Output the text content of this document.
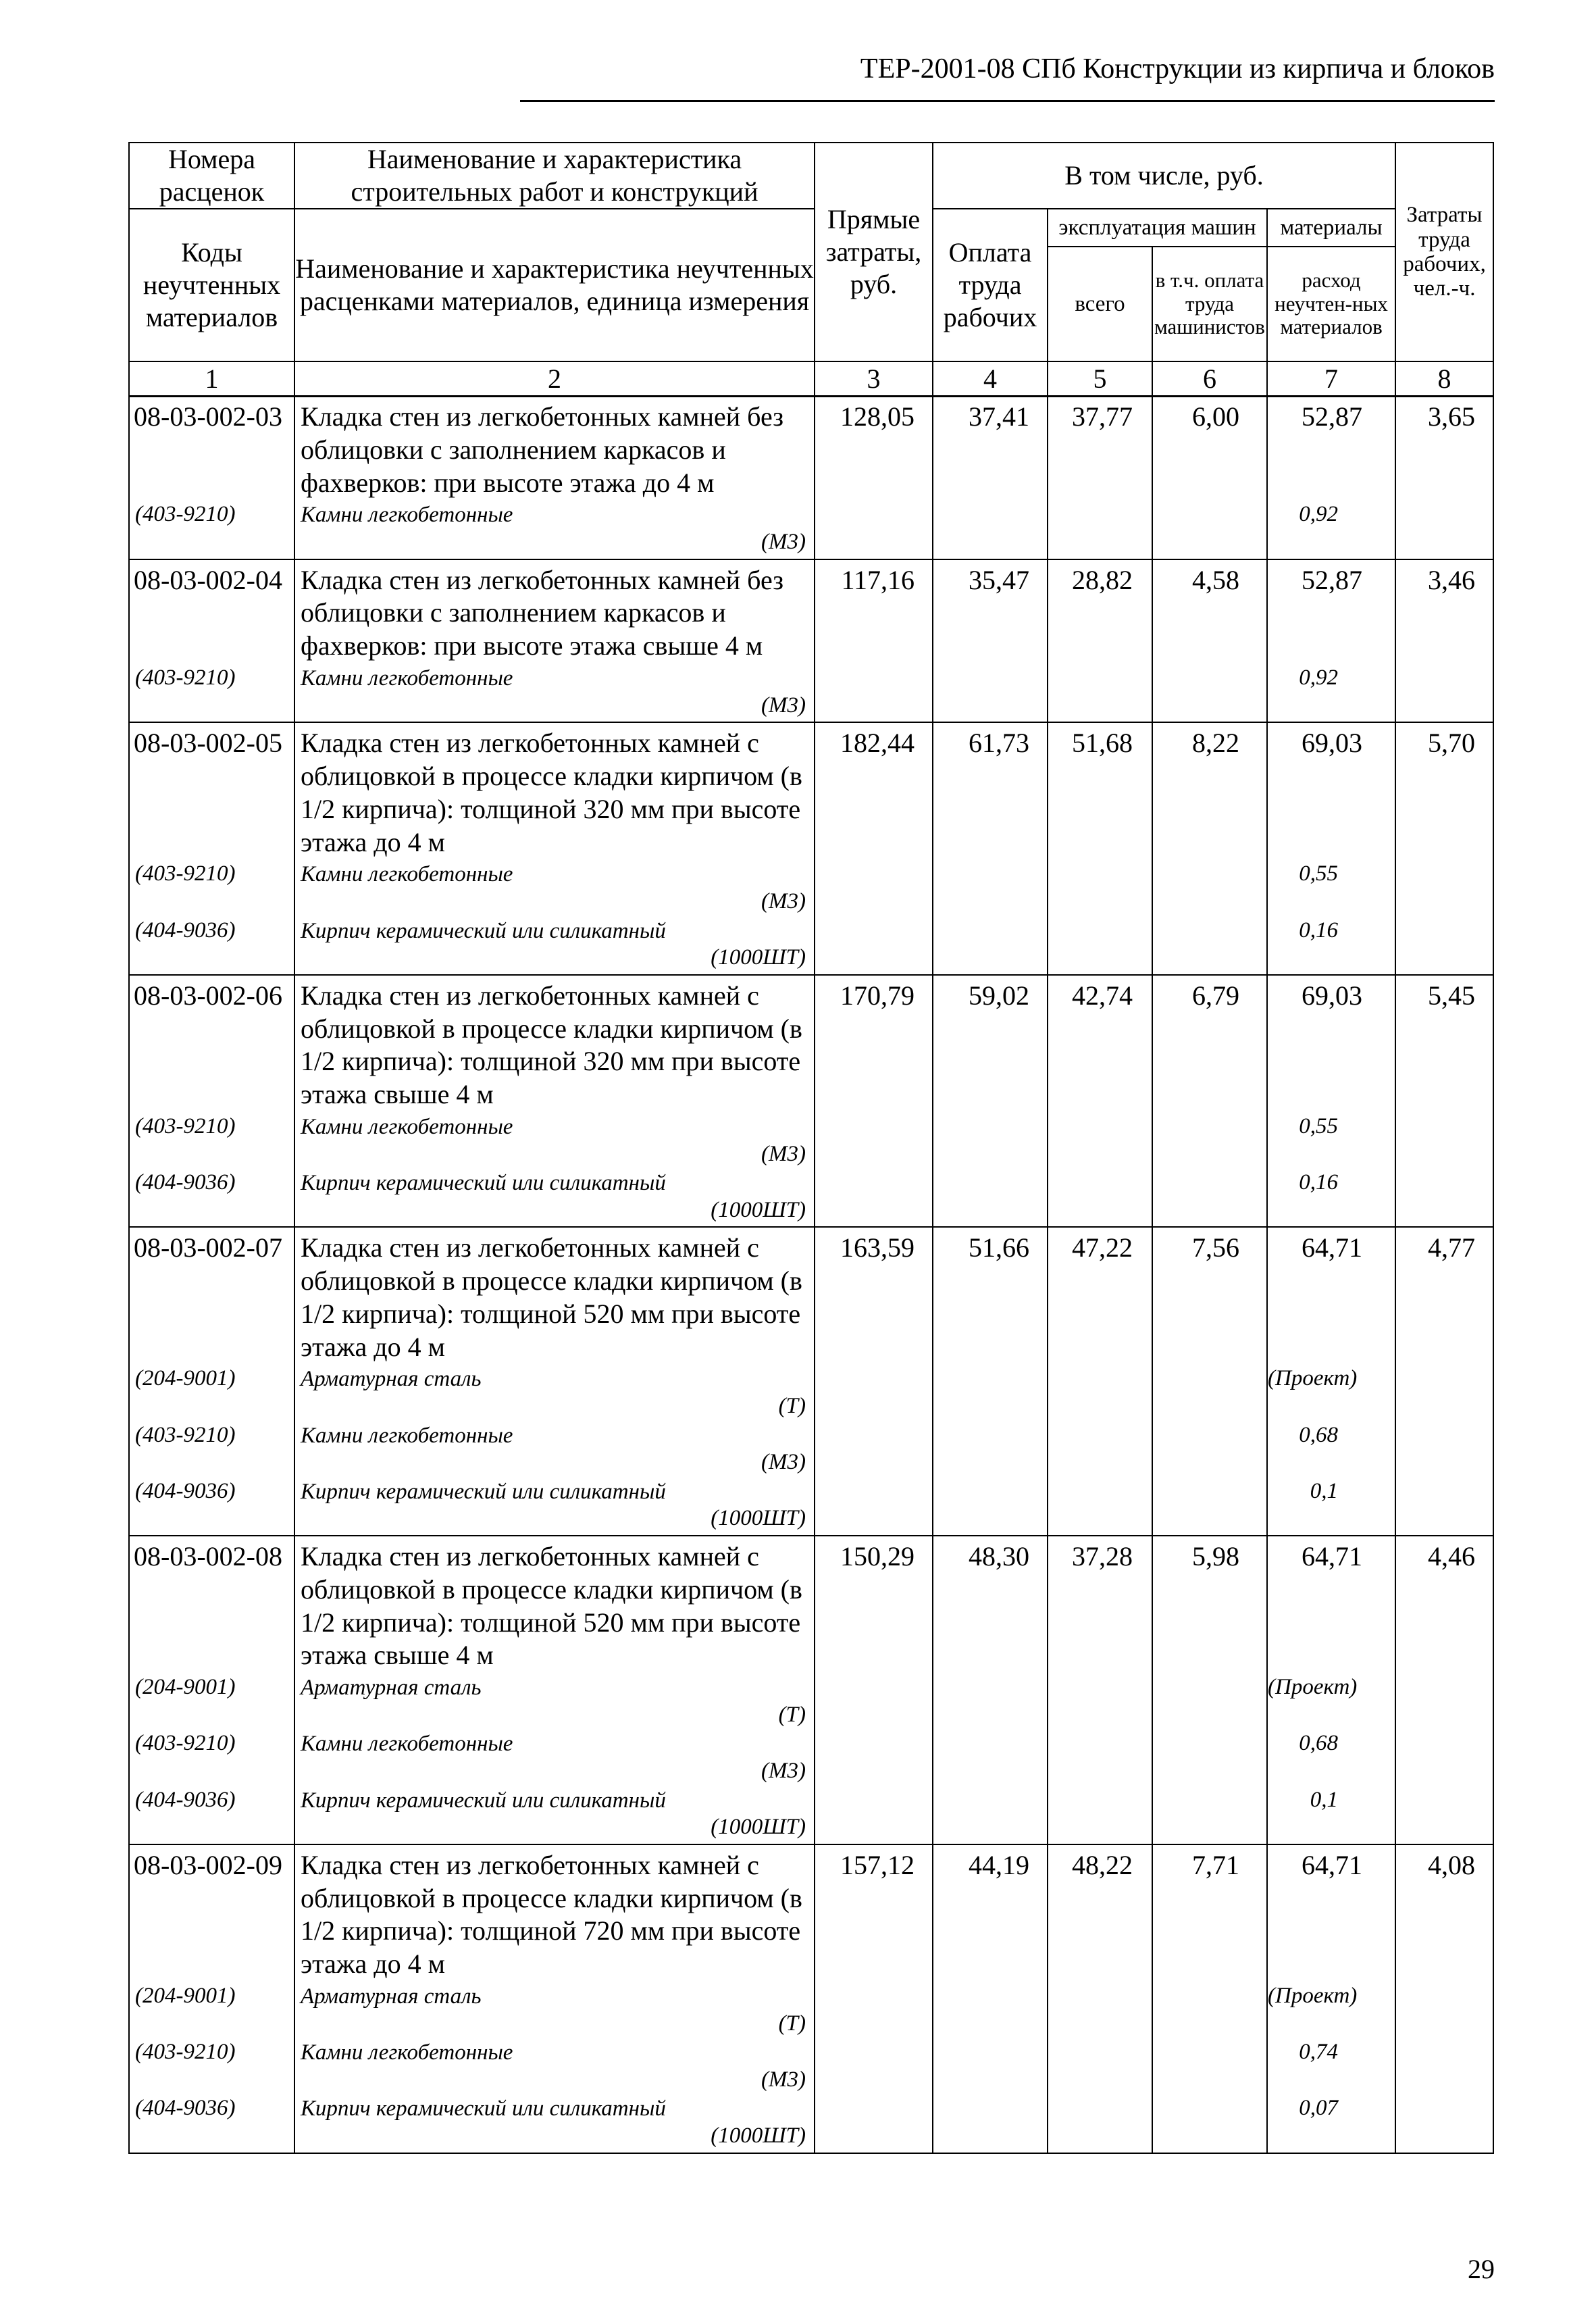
ТЕР-2001-08 СПб Конструкции из кирпича и блоков
Номера расценок	Наименование и характеристика строительных работ и конструкций	Прямые затраты, руб.	В том числе, руб.				Затраты труда рабочих, чел.-ч.
Коды неучтенных материалов	Наименование и характеристика неучтенных расценками материалов, единица измерения		Оплата труда рабочих	эксплуатация машин		материалы	
				всего	в т.ч. оплата труда машинистов	расход неучтен-ных материалов	
1	2	3	4	5	6	7	8
08-03-002-03	Кладка стен из легкобетонных камней без облицовки с заполнением каркасов и фахверков: при высоте этажа до 4 м	128,05	37,41	37,77	6,00	52,87	3,65
(403-9210)	Камни легкобетонные
(М3)					0,92	
08-03-002-04	Кладка стен из легкобетонных камней без облицовки с заполнением каркасов и фахверков: при высоте этажа свыше 4 м	117,16	35,47	28,82	4,58	52,87	3,46
(403-9210)	Камни легкобетонные
(М3)					0,92	
08-03-002-05	Кладка стен из легкобетонных камней с облицовкой в процессе кладки кирпичом (в 1/2 кирпича): толщиной 320 мм при высоте этажа до 4 м	182,44	61,73	51,68	8,22	69,03	5,70
(403-9210)	Камни легкобетонные
(М3)					0,55	
(404-9036)	Кирпич керамический или силикатный
(1000ШТ)					0,16	
08-03-002-06	Кладка стен из легкобетонных камней с облицовкой в процессе кладки кирпичом (в 1/2 кирпича): толщиной 320 мм при высоте этажа свыше 4 м	170,79	59,02	42,74	6,79	69,03	5,45
(403-9210)	Камни легкобетонные
(М3)					0,55	
(404-9036)	Кирпич керамический или силикатный
(1000ШТ)					0,16	
08-03-002-07	Кладка стен из легкобетонных камней с облицовкой в процессе кладки кирпичом (в 1/2 кирпича): толщиной 520 мм при высоте этажа до 4 м	163,59	51,66	47,22	7,56	64,71	4,77
(204-9001)	Арматурная сталь
(Т)					(Проект)	
(403-9210)	Камни легкобетонные
(М3)					0,68	
(404-9036)	Кирпич керамический или силикатный
(1000ШТ)					0,1	
08-03-002-08	Кладка стен из легкобетонных камней с облицовкой в процессе кладки кирпичом (в 1/2 кирпича): толщиной 520 мм при высоте этажа свыше 4 м	150,29	48,30	37,28	5,98	64,71	4,46
(204-9001)	Арматурная сталь
(Т)					(Проект)	
(403-9210)	Камни легкобетонные
(М3)					0,68	
(404-9036)	Кирпич керамический или силикатный
(1000ШТ)					0,1	
08-03-002-09	Кладка стен из легкобетонных камней с облицовкой в процессе кладки кирпичом (в 1/2 кирпича): толщиной 720 мм при высоте этажа до 4 м	157,12	44,19	48,22	7,71	64,71	4,08
(204-9001)	Арматурная сталь
(Т)					(Проект)	
(403-9210)	Камни легкобетонные
(М3)					0,74	
(404-9036)	Кирпич керамический или силикатный
(1000ШТ)					0,07	
29
